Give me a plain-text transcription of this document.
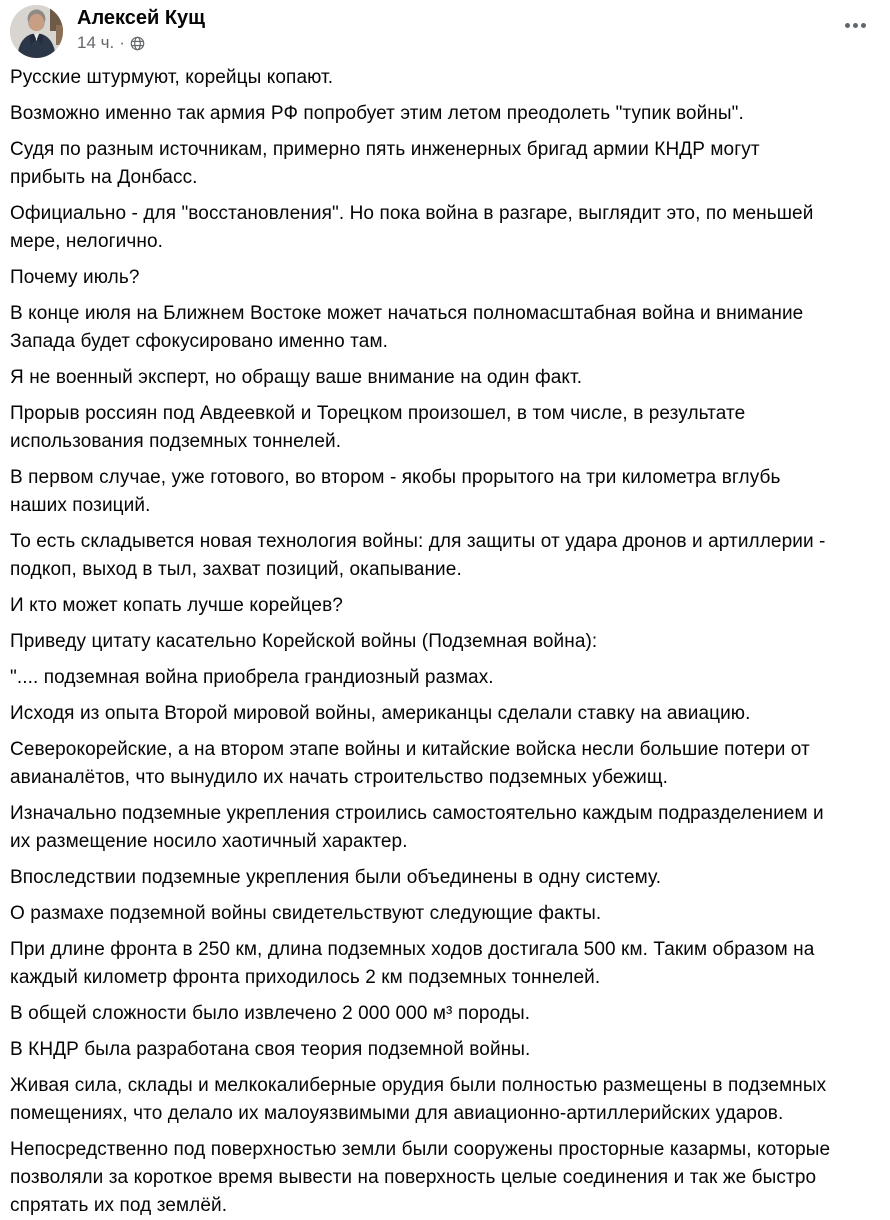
Алексей Кущ
14 ч. ·

Русские штурмуют, корейцы копают.

Возможно именно так армия РФ попробует этим летом преодолеть "тупик войны".

Судя по разным источникам, примерно пять инженерных бригад армии КНДР могут
прибыть на Донбасс.

Официально - для "восстановления". Но пока война в разгаре, выглядит это, по меньшей
мере, нелогично.

Почему июль?

В конце июля на Ближнем Востоке может начаться полномасштабная война и внимание
Запада будет сфокусировано именно там.

Я не военный эксперт, но обращу ваше внимание на один факт.

Прорыв россиян под Авдеевкой и Торецком произошел, в том числе, в результате
использования подземных тоннелей.

В первом случае, уже готового, во втором - якобы прорытого на три километра вглубь
наших позиций.

То есть складывется новая технология войны: для защиты от удара дронов и артиллерии -
подкоп, выход в тыл, захват позиций, окапывание.

И кто может копать лучше корейцев?

Приведу цитату касательно Корейской войны (Подземная война):

".... подземная война приобрела грандиозный размах.

Исходя из опыта Второй мировой войны, американцы сделали ставку на авиацию.

Северокорейские, а на втором этапе войны и китайские войска несли большие потери от
авианалётов, что вынудило их начать строительство подземных убежищ.

Изначально подземные укрепления строились самостоятельно каждым подразделением и
их размещение носило хаотичный характер.

Впоследствии подземные укрепления были объединены в одну систему.

О размахе подземной войны свидетельствуют следующие факты.

При длине фронта в 250 км, длина подземных ходов достигала 500 км. Таким образом на
каждый километр фронта приходилось 2 км подземных тоннелей.

В общей сложности было извлечено 2 000 000 м³ породы.

В КНДР была разработана своя теория подземной войны.

Живая сила, склады и мелкокалиберные орудия были полностью размещены в подземных
помещениях, что делало их малоуязвимыми для авиационно-артиллерийских ударов.

Непосредственно под поверхностью земли были сооружены просторные казармы, которые
позволяли за короткое время вывести на поверхность целые соединения и так же быстро
спрятать их под землёй.
